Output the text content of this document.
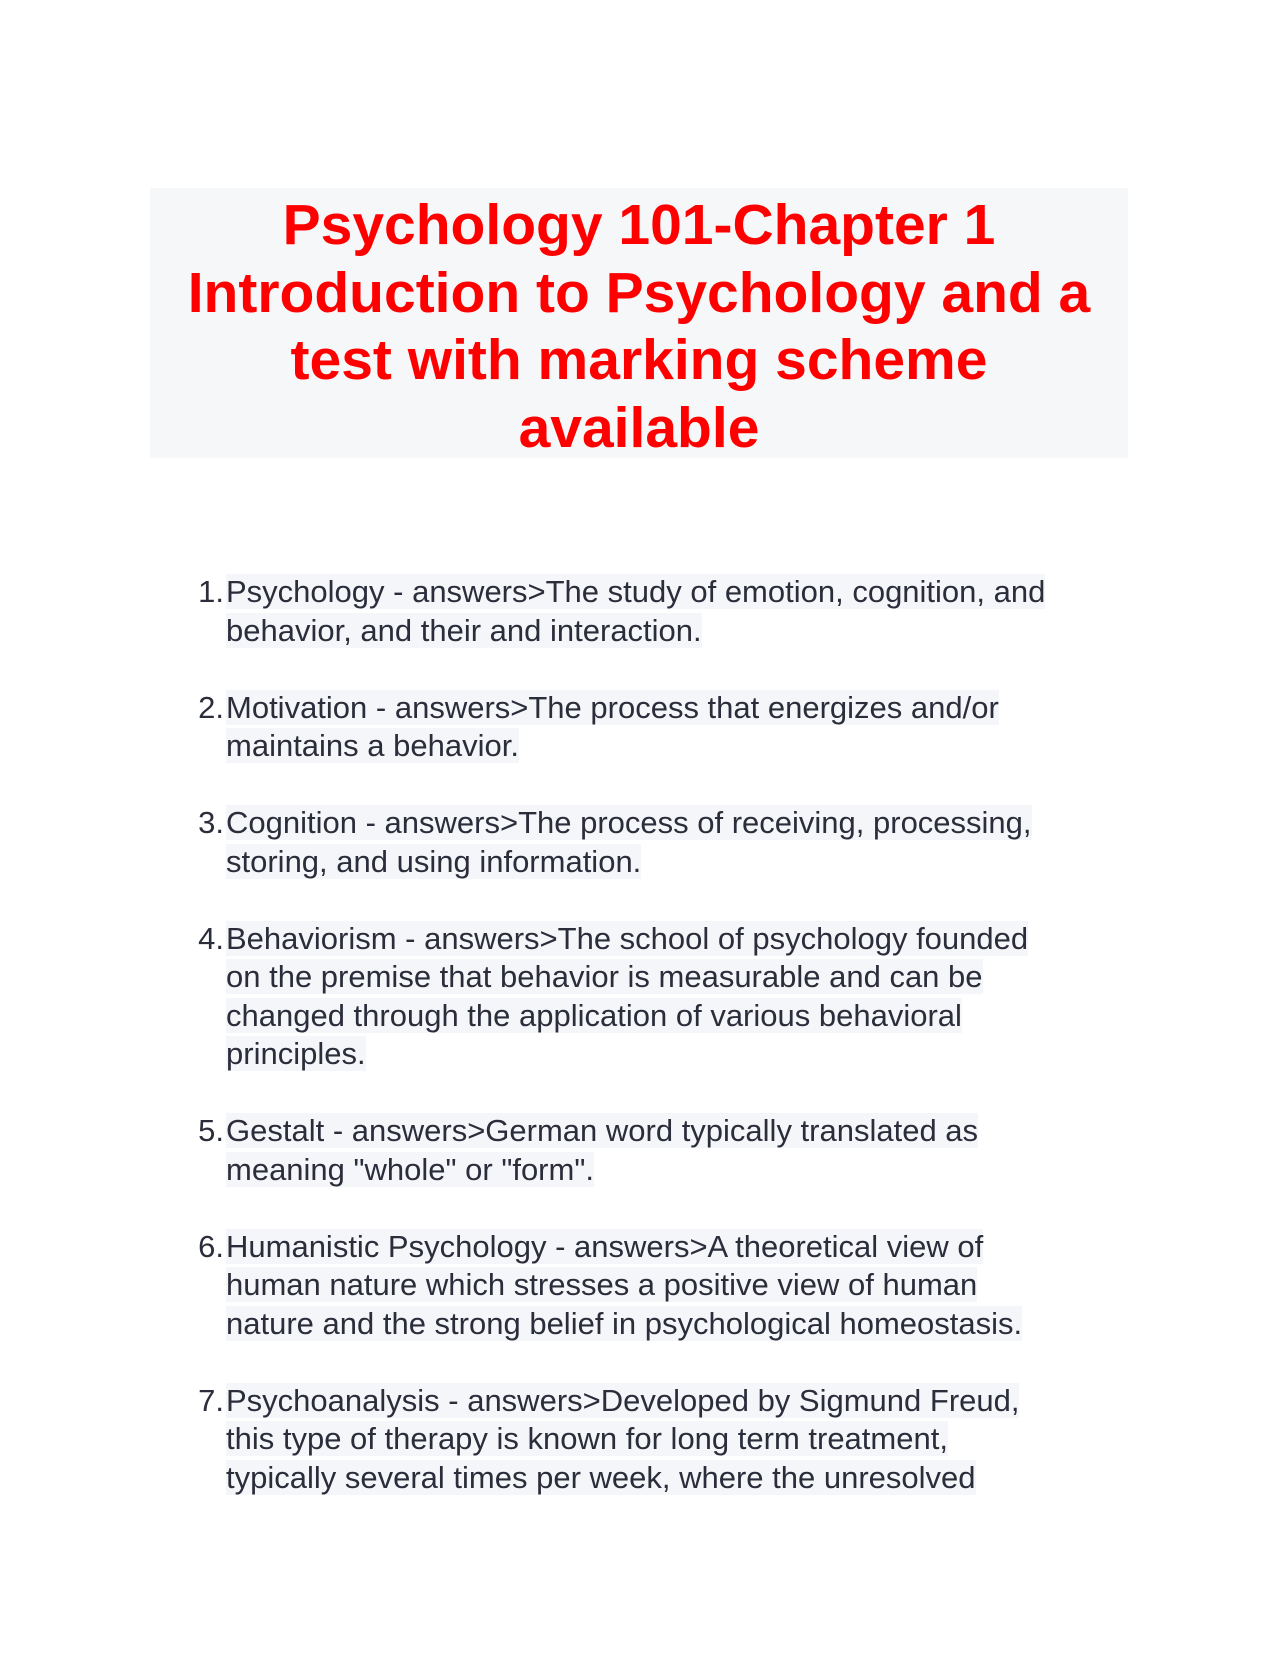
Psychology 101-Chapter 1
Introduction to Psychology and a
test with marking scheme
available
1. Psychology - answers>The study of emotion, cognition, and
behavior, and their and interaction.
2. Motivation - answers>The process that energizes and/or
maintains a behavior.
3. Cognition - answers>The process of receiving, processing,
storing, and using information.
4. Behaviorism - answers>The school of psychology founded
on the premise that behavior is measurable and can be
changed through the application of various behavioral
principles.
5. Gestalt - answers>German word typically translated as
meaning "whole" or "form".
6. Humanistic Psychology - answers>A theoretical view of
human nature which stresses a positive view of human
nature and the strong belief in psychological homeostasis.
7. Psychoanalysis - answers>Developed by Sigmund Freud,
this type of therapy is known for long term treatment,
typically several times per week, where the unresolved
